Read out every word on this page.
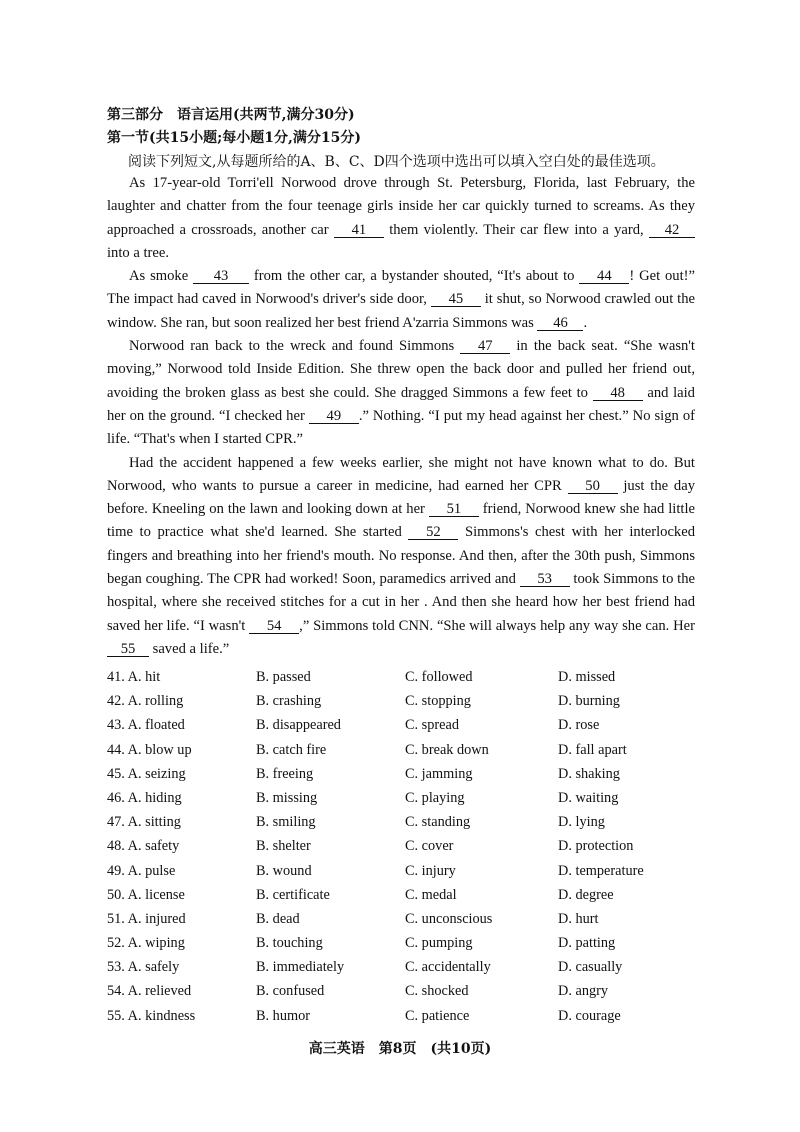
第三部分　语言运用(共两节,满分30分)
第一节(共15小题;每小题1分,满分15分)
阅读下列短文,从每题所给的A、B、C、D四个选项中选出可以填入空白处的最佳选项。

As 17-year-old Torri'ell Norwood drove through St. Petersburg, Florida, last February, the laughter and chatter from the four teenage girls inside her car quickly turned to screams. As they approached a crossroads, another car 41 them violently. Their car flew into a yard, 42 into a tree.

As smoke 43 from the other car, a bystander shouted, “It's about to 44 ! Get out!” The impact had caved in Norwood's driver's side door, 45 it shut, so Norwood crawled out the window. She ran, but soon realized her best friend A'zarria Simmons was 46 .

Norwood ran back to the wreck and found Simmons 47 in the back seat. “She wasn't moving,” Norwood told Inside Edition. She threw open the back door and pulled her friend out, avoiding the broken glass as best she could. She dragged Simmons a few feet to 48 and laid her on the ground. “I checked her 49 .” Nothing. “I put my head against her chest.” No sign of life. “That's when I started CPR.”

Had the accident happened a few weeks earlier, she might not have known what to do. But Norwood, who wants to pursue a career in medicine, had earned her CPR 50 just the day before. Kneeling on the lawn and looking down at her 51 friend, Norwood knew she had little time to practice what she'd learned. She started 52 Simmons's chest with her interlocked fingers and breathing into her friend's mouth. No response. And then, after the 30th push, Simmons began coughing. The CPR had worked! Soon, paramedics arrived and 53 took Simmons to the hospital, where she received stitches for a cut in her . And then she heard how her best friend had saved her life. “I wasn't 54 ,” Simmons told CNN. “She will always help any way she can. Her 55 saved a life.”

41. A. hit	B. passed	C. followed	D. missed
42. A. rolling	B. crashing	C. stopping	D. burning
43. A. floated	B. disappeared	C. spread	D. rose
44. A. blow up	B. catch fire	C. break down	D. fall apart
45. A. seizing	B. freeing	C. jamming	D. shaking
46. A. hiding	B. missing	C. playing	D. waiting
47. A. sitting	B. smiling	C. standing	D. lying
48. A. safety	B. shelter	C. cover	D. protection
49. A. pulse	B. wound	C. injury	D. temperature
50. A. license	B. certificate	C. medal	D. degree
51. A. injured	B. dead	C. unconscious	D. hurt
52. A. wiping	B. touching	C. pumping	D. patting
53. A. safely	B. immediately	C. accidentally	D. casually
54. A. relieved	B. confused	C. shocked	D. angry
55. A. kindness	B. humor	C. patience	D. courage
高三英语　第8页　(共10页)
